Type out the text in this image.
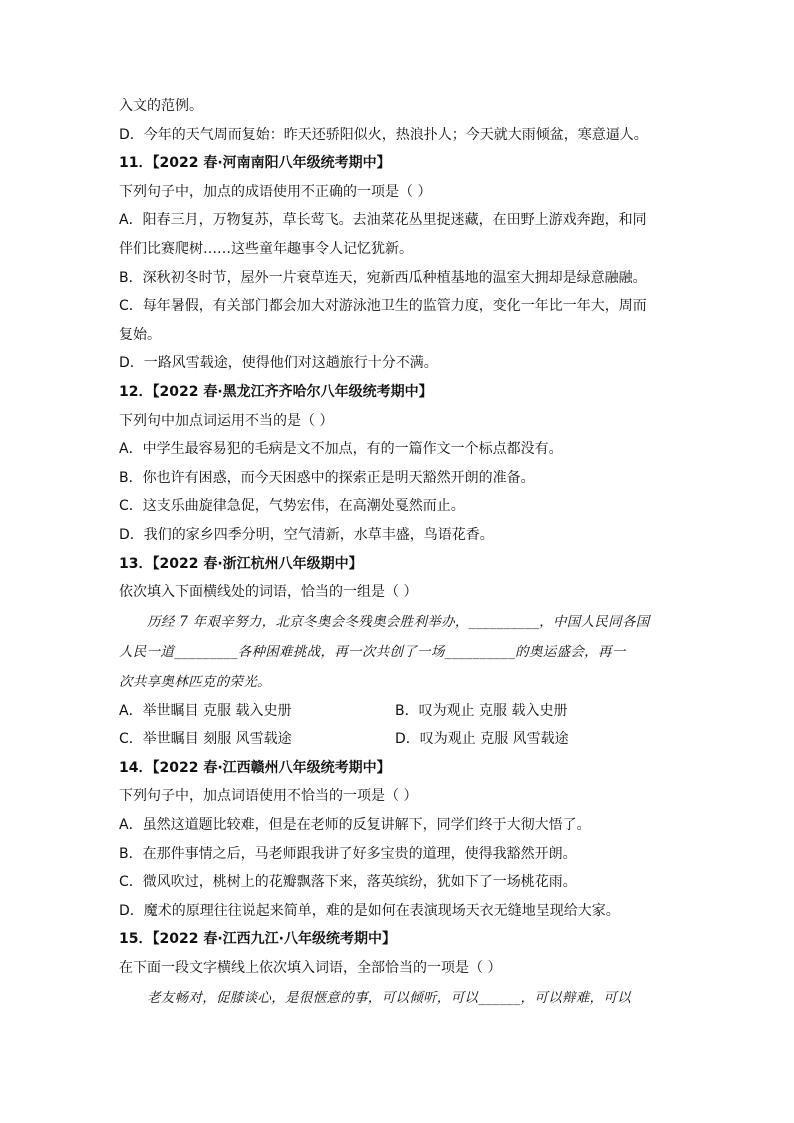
入文的范例。
D．今年的天气周而复始：昨天还骄阳似火，热浪扑人；今天就大雨倾盆，寒意逼人。
11．【2022 春·河南南阳八年级统考期中】
下列句子中，加点的成语使用不正确的一项是（ ）
A．阳春三月，万物复苏，草长莺飞。去油菜花丛里捉迷藏，在田野上游戏奔跑，和同
伴们比赛爬树……这些童年趣事令人记忆犹新。
B．深秋初冬时节，屋外一片衰草连天，宛新西瓜种植基地的温室大拥却是绿意融融。
C．每年暑假，有关部门都会加大对游泳池卫生的监管力度，变化一年比一年大，周而
复始。
D．一路风雪载途，使得他们对这趟旅行十分不满。
12．【2022 春·黑龙江齐齐哈尔八年级统考期中】
下列句中加点词运用不当的是（ ）
A．中学生最容易犯的毛病是文不加点，有的一篇作文一个标点都没有。
B．你也许有困惑，而今天困惑中的探索正是明天豁然开朗的准备。
C．这支乐曲旋律急促，气势宏伟，在高潮处戛然而止。
D．我们的家乡四季分明，空气清新，水草丰盛，鸟语花香。
13．【2022 春·浙江杭州八年级期中】
依次填入下面横线处的词语，恰当的一组是（ ）
历经 7 年艰辛努力，北京冬奥会冬残奥会胜利举办，__________，中国人民同各国
人民一道_________各种困难挑战，再一次共创了一场__________的奥运盛会，再一
次共享奥林匹克的荣光。
A．举世瞩目 克服 载入史册	B．叹为观止 克服 载入史册
C．举世瞩目 刻服 风雪载途	D．叹为观止 克服 风雪载途
14．【2022 春·江西赣州八年级统考期中】
下列句子中，加点词语使用不恰当的一项是（ ）
A．虽然这道题比较难，但是在老师的反复讲解下，同学们终于大彻大悟了。
B．在那件事情之后，马老师跟我讲了好多宝贵的道理，使得我豁然开朗。
C．微风吹过，桃树上的花瓣飘落下来，落英缤纷，犹如下了一场桃花雨。
D．魔术的原理往往说起来简单，难的是如何在表演现场天衣无缝地呈现给大家。
15．【2022 春·江西九江·八年级统考期中】
在下面一段文字横线上依次填入词语，全部恰当的一项是（ ）
老友畅对，促膝谈心，是很惬意的事，可以倾听，可以______，可以辩难，可以
